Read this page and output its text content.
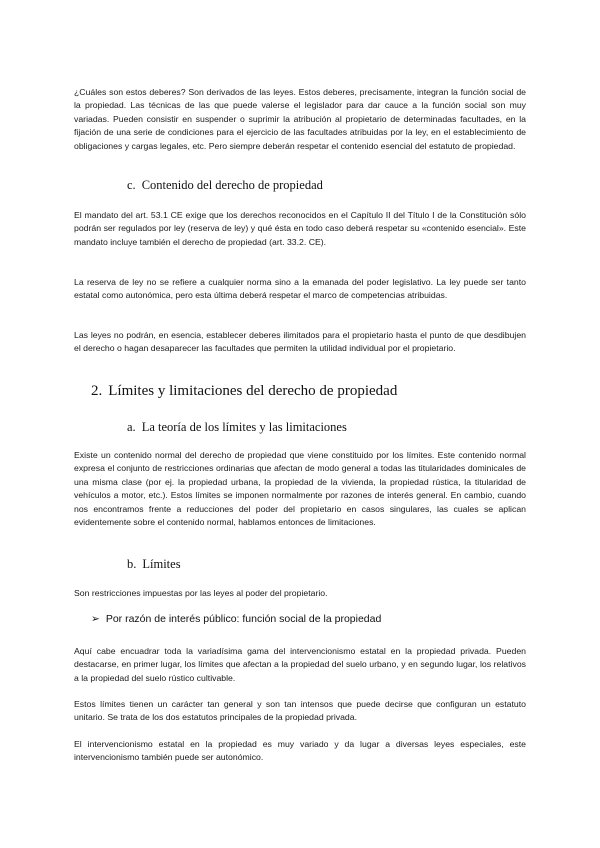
¿Cuáles son estos deberes? Son derivados de las leyes. Estos deberes, precisamente, integran la función social de la propiedad. Las técnicas de las que puede valerse el legislador para dar cauce a la función social son muy variadas. Pueden consistir en suspender o suprimir la atribución al propietario de determinadas facultades, en la fijación de una serie de condiciones para el ejercicio de las facultades atribuidas por la ley, en el establecimiento de obligaciones y cargas legales, etc. Pero siempre deberán respetar el contenido esencial del estatuto de propiedad.

c. Contenido del derecho de propiedad

El mandato del art. 53.1 CE exige que los derechos reconocidos en el Capítulo II del Título I de la Constitución sólo podrán ser regulados por ley (reserva de ley) y qué ésta en todo caso deberá respetar su «contenido esencial». Este mandato incluye también el derecho de propiedad (art. 33.2. CE).

La reserva de ley no se refiere a cualquier norma sino a la emanada del poder legislativo. La ley puede ser tanto estatal como autonómica, pero esta última deberá respetar el marco de competencias atribuidas.

Las leyes no podrán, en esencia, establecer deberes ilimitados para el propietario hasta el punto de que desdibujen el derecho o hagan desaparecer las facultades que permiten la utilidad individual por el propietario.

2. Límites y limitaciones del derecho de propiedad
a. La teoría de los límites y las limitaciones

Existe un contenido normal del derecho de propiedad que viene constituido por los límites. Este contenido normal expresa el conjunto de restricciones ordinarias que afectan de modo general a todas las titularidades dominicales de una misma clase (por ej. la propiedad urbana, la propiedad de la vivienda, la propiedad rústica, la titularidad de vehículos a motor, etc.). Estos límites se imponen normalmente por razones de interés general. En cambio, cuando nos encontramos frente a reducciones del poder del propietario en casos singulares, las cuales se aplican evidentemente sobre el contenido normal, hablamos entonces de limitaciones.

b. Límites

Son restricciones impuestas por las leyes al poder del propietario.

➢ Por razón de interés público: función social de la propiedad

Aquí cabe encuadrar toda la variadísima gama del intervencionismo estatal en la propiedad privada. Pueden destacarse, en primer lugar, los límites que afectan a la propiedad del suelo urbano, y en segundo lugar, los relativos a la propiedad del suelo rústico cultivable.

Estos límites tienen un carácter tan general y son tan intensos que puede decirse que configuran un estatuto unitario. Se trata de los dos estatutos principales de la propiedad privada.

El intervencionismo estatal en la propiedad es muy variado y da lugar a diversas leyes especiales, este intervencionismo también puede ser autonómico.
